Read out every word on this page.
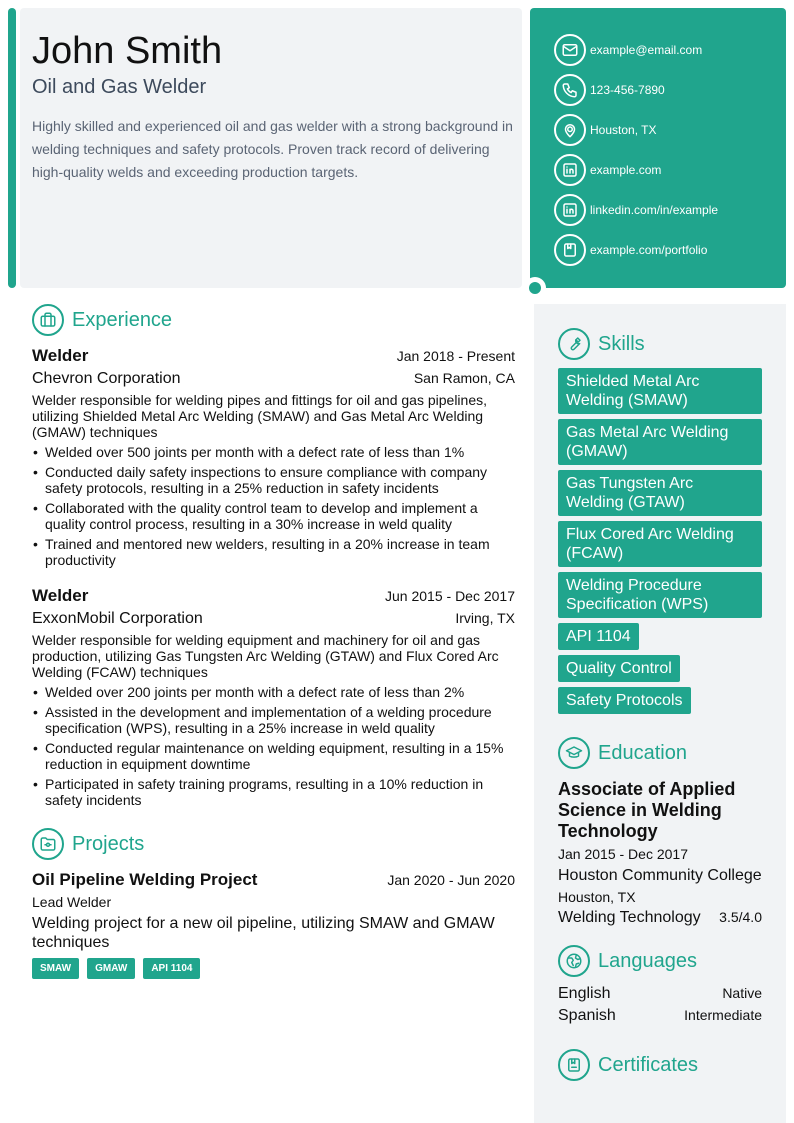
John Smith
Oil and Gas Welder
Highly skilled and experienced oil and gas welder with a strong background in welding techniques and safety protocols. Proven track record of delivering high-quality welds and exceeding production targets.
example@email.com
123-456-7890
Houston, TX
example.com
linkedin.com/in/example
example.com/portfolio
Experience
Welder	Jan 2018 - Present
Chevron Corporation	San Ramon, CA
Welder responsible for welding pipes and fittings for oil and gas pipelines, utilizing Shielded Metal Arc Welding (SMAW) and Gas Metal Arc Welding (GMAW) techniques
• Welded over 500 joints per month with a defect rate of less than 1%
• Conducted daily safety inspections to ensure compliance with company safety protocols, resulting in a 25% reduction in safety incidents
• Collaborated with the quality control team to develop and implement a quality control process, resulting in a 30% increase in weld quality
• Trained and mentored new welders, resulting in a 20% increase in team productivity
Welder	Jun 2015 - Dec 2017
ExxonMobil Corporation	Irving, TX
Welder responsible for welding equipment and machinery for oil and gas production, utilizing Gas Tungsten Arc Welding (GTAW) and Flux Cored Arc Welding (FCAW) techniques
• Welded over 200 joints per month with a defect rate of less than 2%
• Assisted in the development and implementation of a welding procedure specification (WPS), resulting in a 25% increase in weld quality
• Conducted regular maintenance on welding equipment, resulting in a 15% reduction in equipment downtime
• Participated in safety training programs, resulting in a 10% reduction in safety incidents
Projects
Oil Pipeline Welding Project	Jan 2020 - Jun 2020
Lead Welder
Welding project for a new oil pipeline, utilizing SMAW and GMAW techniques
SMAW	GMAW	API 1104
Skills
Shielded Metal Arc Welding (SMAW)
Gas Metal Arc Welding (GMAW)
Gas Tungsten Arc Welding (GTAW)
Flux Cored Arc Welding (FCAW)
Welding Procedure Specification (WPS)
API 1104
Quality Control
Safety Protocols
Education
Associate of Applied Science in Welding Technology
Jan 2015 - Dec 2017
Houston Community College
Houston, TX
Welding Technology 3.5/4.0
Languages
English	Native
Spanish	Intermediate
Certificates
